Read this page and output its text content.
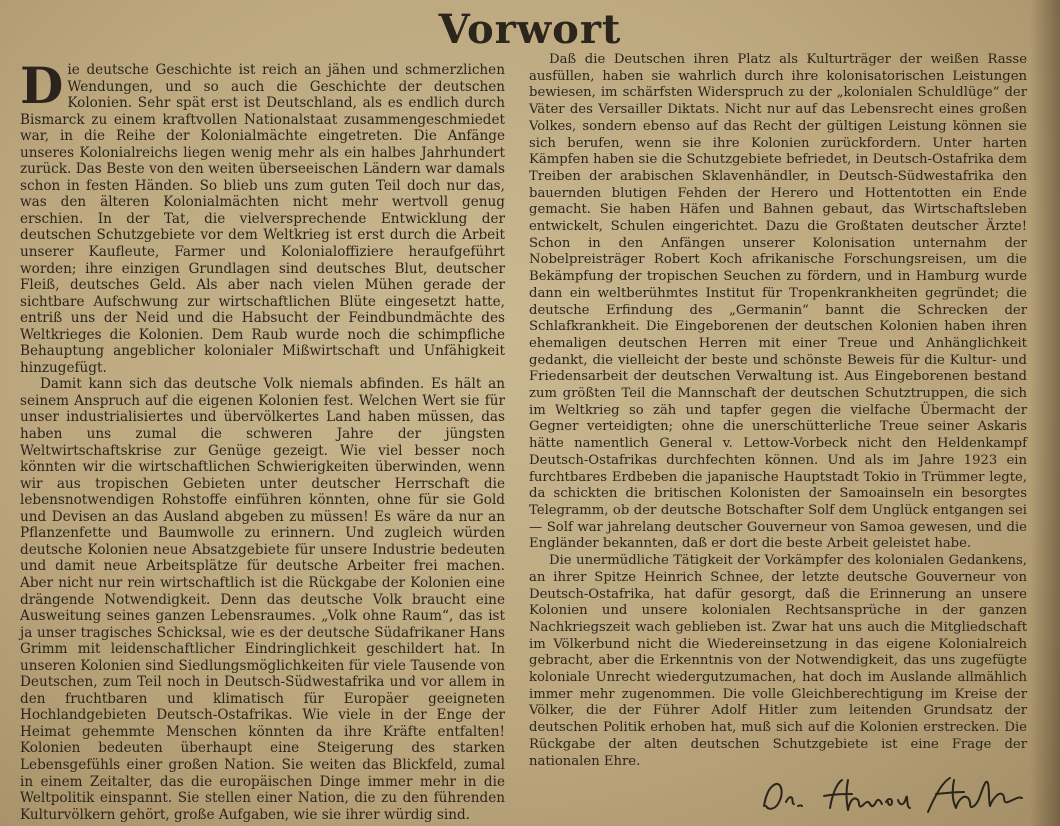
Vorwort

Die deutsche Geschichte ist reich an jähen und schmerzlichen Wendungen, und so auch die Geschichte der deutschen Kolonien. Sehr spät erst ist Deutschland, als es endlich durch Bismarck zu einem kraftvollen Nationalstaat zusammengeschmiedet war, in die Reihe der Kolonialmächte eingetreten. Die Anfänge unseres Kolonialreichs liegen wenig mehr als ein halbes Jahrhundert zurück. Das Beste von den weiten überseeischen Ländern war damals schon in festen Händen. So blieb uns zum guten Teil doch nur das, was den älteren Kolonialmächten nicht mehr wertvoll genug erschien. In der Tat, die vielversprechende Entwicklung der deutschen Schutzgebiete vor dem Weltkrieg ist erst durch die Arbeit unserer Kaufleute, Farmer und Kolonialoffiziere heraufgeführt worden; ihre einzigen Grundlagen sind deutsches Blut, deutscher Fleiß, deutsches Geld. Als aber nach vielen Mühen gerade der sichtbare Aufschwung zur wirtschaftlichen Blüte eingesetzt hatte, entriß uns der Neid und die Habsucht der Feindbundmächte des Weltkrieges die Kolonien. Dem Raub wurde noch die schimpfliche Behauptung angeblicher kolonialer Mißwirtschaft und Unfähigkeit hinzugefügt.

Damit kann sich das deutsche Volk niemals abfinden. Es hält an seinem Anspruch auf die eigenen Kolonien fest. Welchen Wert sie für unser industrialisiertes und übervölkertes Land haben müssen, das haben uns zumal die schweren Jahre der jüngsten Weltwirtschaftskrise zur Genüge gezeigt. Wie viel besser noch könnten wir die wirtschaftlichen Schwierigkeiten überwinden, wenn wir aus tropischen Gebieten unter deutscher Herrschaft die lebensnotwendigen Rohstoffe einführen könnten, ohne für sie Gold und Devisen an das Ausland abgeben zu müssen! Es wäre da nur an Pflanzenfette und Baumwolle zu erinnern. Und zugleich würden deutsche Kolonien neue Absatzgebiete für unsere Industrie bedeuten und damit neue Arbeitsplätze für deutsche Arbeiter frei machen. Aber nicht nur rein wirtschaftlich ist die Rückgabe der Kolonien eine drängende Notwendigkeit. Denn das deutsche Volk braucht eine Ausweitung seines ganzen Lebensraumes. „Volk ohne Raum“, das ist ja unser tragisches Schicksal, wie es der deutsche Südafrikaner Hans Grimm mit leidenschaftlicher Eindringlichkeit geschildert hat. In unseren Kolonien sind Siedlungsmöglichkeiten für viele Tausende von Deutschen, zum Teil noch in Deutsch-Südwestafrika und vor allem in den fruchtbaren und klimatisch für Europäer geeigneten Hochlandgebieten Deutsch-Ostafrikas. Wie viele in der Enge der Heimat gehemmte Menschen könnten da ihre Kräfte entfalten! Kolonien bedeuten überhaupt eine Steigerung des starken Lebensgefühls einer großen Nation. Sie weiten das Blickfeld, zumal in einem Zeitalter, das die europäischen Dinge immer mehr in die Weltpolitik einspannt. Sie stellen einer Nation, die zu den führenden Kulturvölkern gehört, große Aufgaben, wie sie ihrer würdig sind.

Daß die Deutschen ihren Platz als Kulturträger der weißen Rasse ausfüllen, haben sie wahrlich durch ihre kolonisatorischen Leistungen bewiesen, im schärfsten Widerspruch zu der „kolonialen Schuldlüge“ der Väter des Versailler Diktats. Nicht nur auf das Lebensrecht eines großen Volkes, sondern ebenso auf das Recht der gültigen Leistung können sie sich berufen, wenn sie ihre Kolonien zurückfordern. Unter harten Kämpfen haben sie die Schutzgebiete befriedet, in Deutsch-Ostafrika dem Treiben der arabischen Sklavenhändler, in Deutsch-Südwestafrika den bauernden blutigen Fehden der Herero und Hottentotten ein Ende gemacht. Sie haben Häfen und Bahnen gebaut, das Wirtschaftsleben entwickelt, Schulen eingerichtet. Dazu die Großtaten deutscher Ärzte! Schon in den Anfängen unserer Kolonisation unternahm der Nobelpreisträger Robert Koch afrikanische Forschungsreisen, um die Bekämpfung der tropischen Seuchen zu fördern, und in Hamburg wurde dann ein weltberühmtes Institut für Tropenkrankheiten gegründet; die deutsche Erfindung des „Germanin“ bannt die Schrecken der Schlafkrankheit. Die Eingeborenen der deutschen Kolonien haben ihren ehemaligen deutschen Herren mit einer Treue und Anhänglichkeit gedankt, die vielleicht der beste und schönste Beweis für die Kultur- und Friedensarbeit der deutschen Verwaltung ist. Aus Eingeborenen bestand zum größten Teil die Mannschaft der deutschen Schutztruppen, die sich im Weltkrieg so zäh und tapfer gegen die vielfache Übermacht der Gegner verteidigten; ohne die unerschütterliche Treue seiner Askaris hätte namentlich General v. Lettow-Vorbeck nicht den Heldenkampf Deutsch-Ostafrikas durchfechten können. Und als im Jahre 1923 ein furchtbares Erdbeben die japanische Hauptstadt Tokio in Trümmer legte, da schickten die britischen Kolonisten der Samoainseln ein besorgtes Telegramm, ob der deutsche Botschafter Solf dem Unglück entgangen sei — Solf war jahrelang deutscher Gouverneur von Samoa gewesen, und die Engländer bekannten, daß er dort die beste Arbeit geleistet habe.

Die unermüdliche Tätigkeit der Vorkämpfer des kolonialen Gedankens, an ihrer Spitze Heinrich Schnee, der letzte deutsche Gouverneur von Deutsch-Ostafrika, hat dafür gesorgt, daß die Erinnerung an unsere Kolonien und unsere kolonialen Rechtsansprüche in der ganzen Nachkriegszeit wach geblieben ist. Zwar hat uns auch die Mitgliedschaft im Völkerbund nicht die Wiedereinsetzung in das eigene Kolonialreich gebracht, aber die Erkenntnis von der Notwendigkeit, das uns zugefügte koloniale Unrecht wiedergutzumachen, hat doch im Auslande allmählich immer mehr zugenommen. Die volle Gleichberechtigung im Kreise der Völker, die der Führer Adolf Hitler zum leitenden Grundsatz der deutschen Politik erhoben hat, muß sich auf die Kolonien erstrecken. Die Rückgabe der alten deutschen Schutzgebiete ist eine Frage der nationalen Ehre.
